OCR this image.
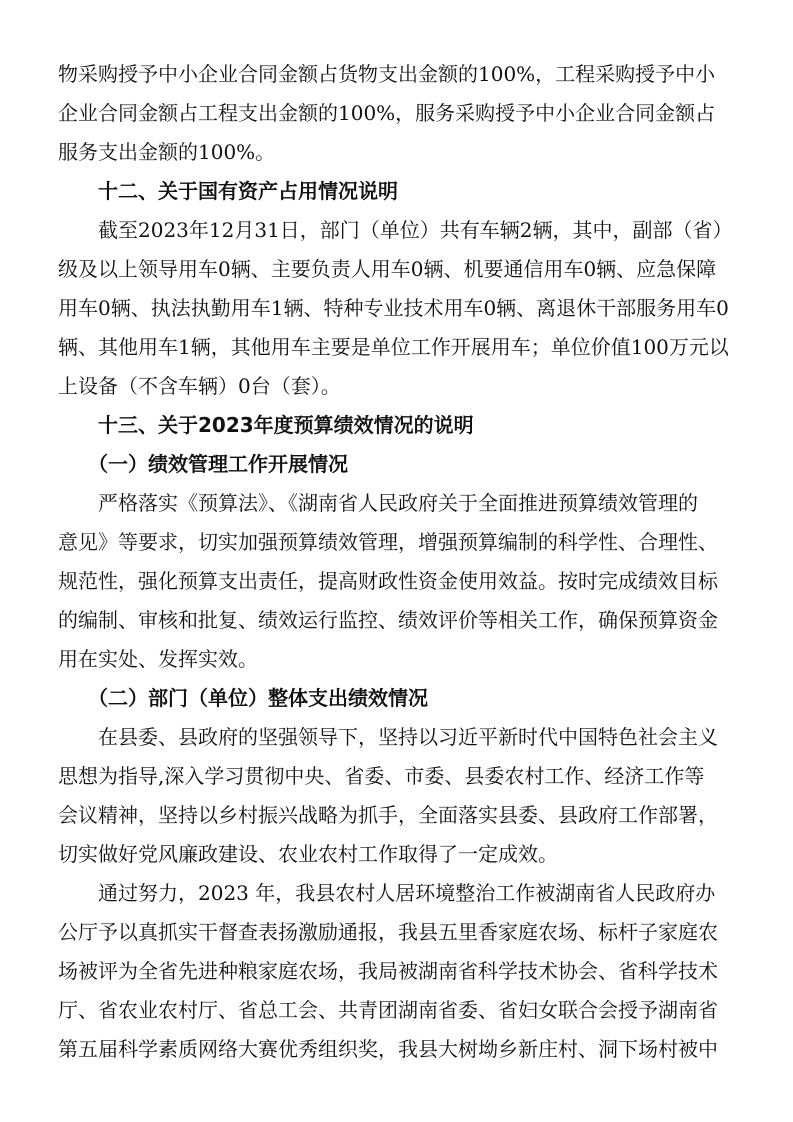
物采购授予中小企业合同金额占货物支出金额的100%，工程采购授予中小
企业合同金额占工程支出金额的100%，服务采购授予中小企业合同金额占
服务支出金额的100%。
十二、关于国有资产占用情况说明
截至2023年12月31日，部门（单位）共有车辆2辆，其中，副部（省）
级及以上领导用车0辆、主要负责人用车0辆、机要通信用车0辆、应急保障
用车0辆、执法执勤用车1辆、特种专业技术用车0辆、离退休干部服务用车0
辆、其他用车1辆，其他用车主要是单位工作开展用车；单位价值100万元以
上设备（不含车辆）0台（套）。
十三、关于2023年度预算绩效情况的说明
（一）绩效管理工作开展情况
严格落实《预算法》、《湖南省人民政府关于全面推进预算绩效管理的
意见》等要求，切实加强预算绩效管理，增强预算编制的科学性、合理性、
规范性，强化预算支出责任，提高财政性资金使用效益。按时完成绩效目标
的编制、审核和批复、绩效运行监控、绩效评价等相关工作，确保预算资金
用在实处、发挥实效。
（二）部门（单位）整体支出绩效情况
在县委、县政府的坚强领导下，坚持以习近平新时代中国特色社会主义
思想为指导,深入学习贯彻中央、省委、市委、县委农村工作、经济工作等
会议精神，坚持以乡村振兴战略为抓手，全面落实县委、县政府工作部署，
切实做好党风廉政建设、农业农村工作取得了一定成效。
通过努力，2023 年，我县农村人居环境整治工作被湖南省人民政府办
公厅予以真抓实干督查表扬激励通报，我县五里香家庭农场、标杆子家庭农
场被评为全省先进种粮家庭农场，我局被湖南省科学技术协会、省科学技术
厅、省农业农村厅、省总工会、共青团湖南省委、省妇女联合会授予湖南省
第五届科学素质网络大赛优秀组织奖，我县大树坳乡新庄村、洞下场村被中
